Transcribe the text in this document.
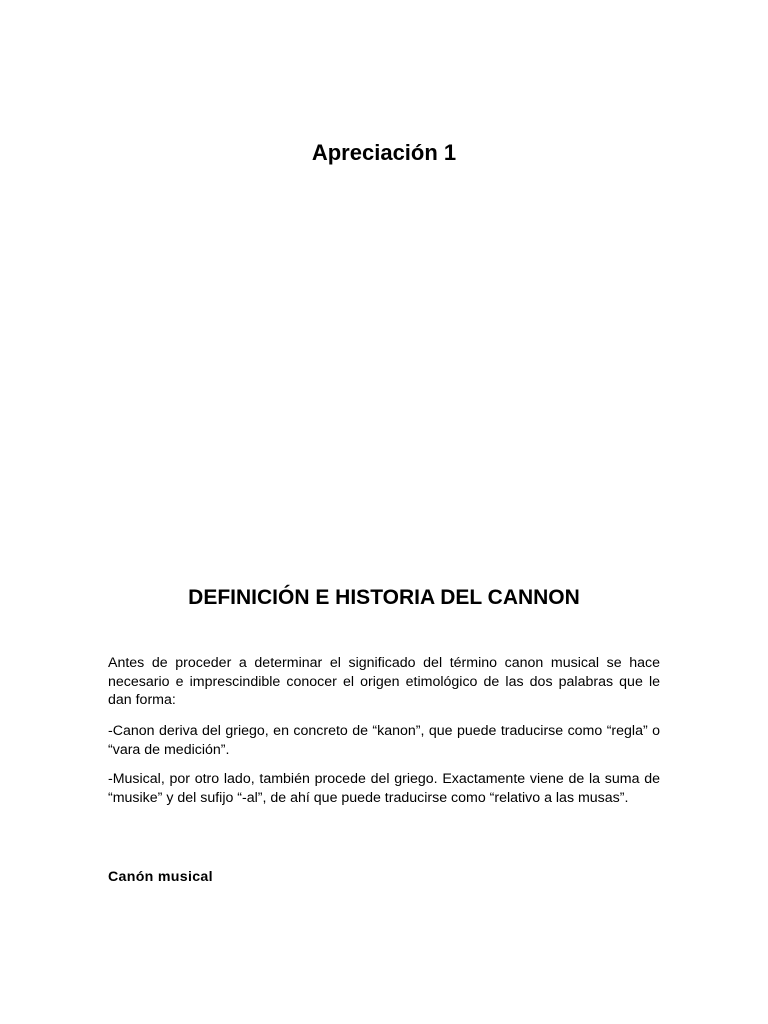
Apreciación 1
DEFINICIÓN E HISTORIA DEL CANNON

Antes de proceder a determinar el significado del término canon musical se hace necesario e imprescindible conocer el origen etimológico de las dos palabras que le dan forma:

-Canon deriva del griego, en concreto de “kanon”, que puede traducirse como “regla” o “vara de medición”.

-Musical, por otro lado, también procede del griego. Exactamente viene de la suma de “musike” y del sufijo “-al”, de ahí que puede traducirse como “relativo a las musas”.

Canón musical
